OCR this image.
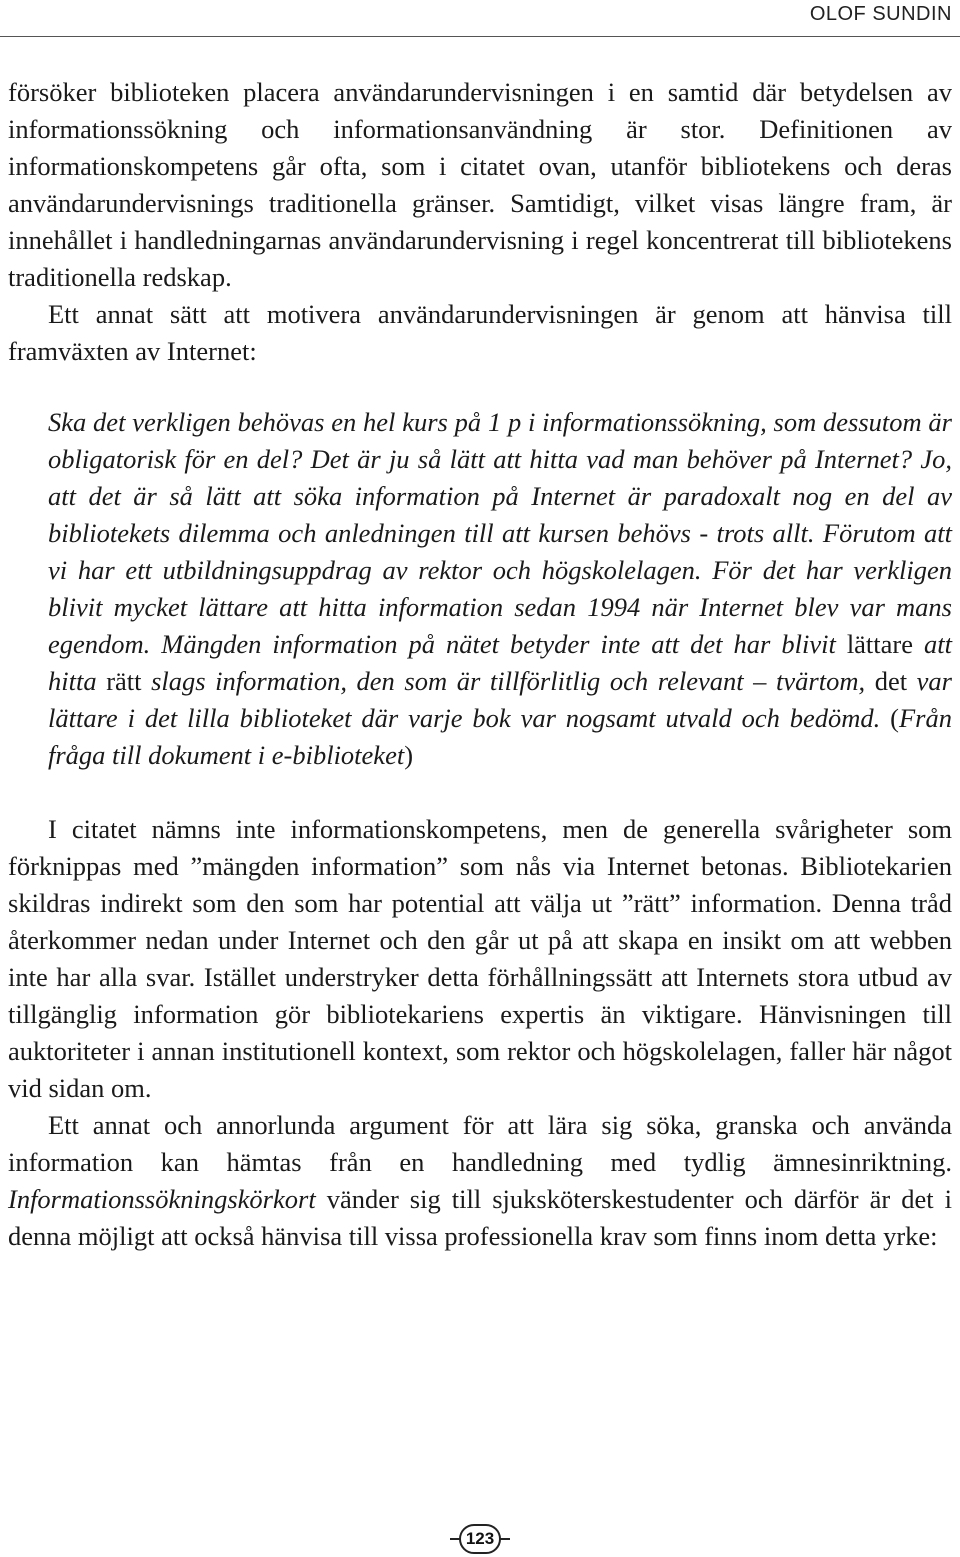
OLOF SUNDIN

försöker biblioteken placera användarundervisningen i en samtid där betydelsen av informationssökning och informationsanvändning är stor. Definitionen av informationskompetens går ofta, som i citatet ovan, utanför bibliotekens och deras användarundervisnings traditionella gränser. Samtidigt, vilket visas längre fram, är innehållet i handledningarnas användarundervisning i regel koncentrerat till bibliotekens traditionella redskap.

Ett annat sätt att motivera användarundervisningen är genom att hänvisa till framväxten av Internet:

Ska det verkligen behövas en hel kurs på 1 p i informationssökning, som dessutom är obligatorisk för en del? Det är ju så lätt att hitta vad man behöver på Internet? Jo, att det är så lätt att söka information på Internet är paradoxalt nog en del av bibliotekets dilemma och anledningen till att kursen behövs - trots allt. Förutom att vi har ett utbildningsuppdrag av rektor och högskolelagen. För det har verkligen blivit mycket lättare att hitta information sedan 1994 när Internet blev var mans egendom. Mängden information på nätet betyder inte att det har blivit lättare att hitta rätt slags information, den som är tillförlitlig och relevant – tvärtom, det var lättare i det lilla biblioteket där varje bok var nogsamt utvald och bedömd. (Från fråga till dokument i e-biblioteket)

I citatet nämns inte informationskompetens, men de generella svårigheter som förknippas med ”mängden information” som nås via Internet betonas. Bibliotekarien skildras indirekt som den som har potential att välja ut ”rätt” information. Denna tråd återkommer nedan under Internet och den går ut på att skapa en insikt om att webben inte har alla svar. Istället understryker detta förhållningssätt att Internets stora utbud av tillgänglig information gör bibliotekariens expertis än viktigare. Hänvisningen till auktoriteter i annan institutionell kontext, som rektor och högskolelagen, faller här något vid sidan om.

Ett annat och annorlunda argument för att lära sig söka, granska och använda information kan hämtas från en handledning med tydlig ämnesinriktning. Informationssökningskörkort vänder sig till sjuksköterskestudenter och därför är det i denna möjligt att också hänvisa till vissa professionella krav som finns inom detta yrke:

123
